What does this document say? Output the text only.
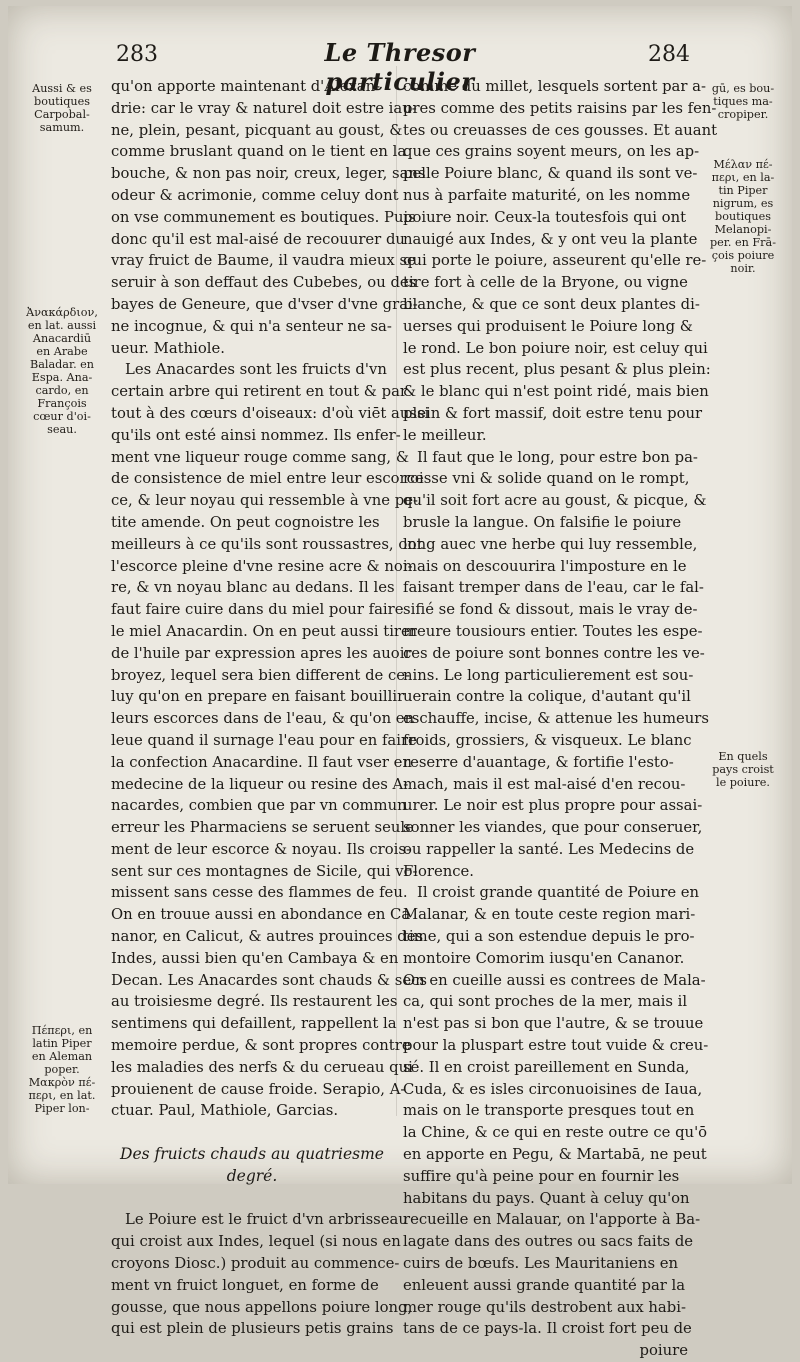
283	Le Thresor particulier
284
qu'on apporte maintenant d'Alexan-
drie: car le vray & naturel doit estre iau-
ne, plein, pesant, picquant au goust, &
comme bruslant quand on le tient en la
bouche, & non pas noir, creux, leger, sans
odeur & acrimonie, comme celuy dont
on vse communement es boutiques. Puis
donc qu'il est mal-aisé de recouurer du
vray fruict de Baume, il vaudra mieux se
seruir à son deffaut des Cubebes, ou des
bayes de Geneure, que d'vser d'vne grai-
ne incognue, & qui n'a senteur ne sa-
ueur. Mathiole.
Les Anacardes sont les fruicts d'vn
certain arbre qui retirent en tout & par
tout à des cœurs d'oiseaux: d'où viēt aussi
qu'ils ont esté ainsi nommez. Ils enfer-
ment vne liqueur rouge comme sang, &
de consistence de miel entre leur escorce
ce, & leur noyau qui ressemble à vne pe-
tite amende. On peut cognoistre les
meilleurs à ce qu'ils sont roussastres, ont
l'escorce pleine d'vne resine acre & noi-
re, & vn noyau blanc au dedans. Il les
faut faire cuire dans du miel pour faire
le miel Anacardin. On en peut aussi tirer
de l'huile par expression apres les auoir
broyez, lequel sera bien different de ce-
luy qu'on en prepare en faisant bouillir
leurs escorces dans de l'eau, & qu'on en
leue quand il surnage l'eau pour en faire
la confection Anacardine. Il faut vser en
medecine de la liqueur ou resine des A-
nacardes, combien que par vn commun
erreur les Pharmaciens se seruent seule
ment de leur escorce & noyau. Ils crois-
sent sur ces montagnes de Sicile, qui vo-
missent sans cesse des flammes de feu.
On en trouue aussi en abondance en Ca
nanor, en Calicut, & autres prouinces des
Indes, aussi bien qu'en Cambaya & en
Decan. Les Anacardes sont chauds & secs
au troisiesme degré. Ils restaurent les
sentimens qui defaillent, rappellent la
memoire perdue, & sont propres contre
les maladies des nerfs & du cerueau qui
prouienent de cause froide. Serapio, A-
ctuar. Paul, Mathiole, Garcias.
Des fruicts chauds au quatriesme
degré.
Le Poiure est le fruict d'vn arbrisseau
qui croist aux Indes, lequel (si nous en
croyons Diosc.) produit au commence-
ment vn fruict longuet, en forme de
gousse, que nous appellons poiure long,
qui est plein de plusieurs petis grains
comme du millet, lesquels sortent par a-
pres comme des petits raisins par les fen-
tes ou creuasses de ces gousses. Et auant
que ces grains soyent meurs, on les ap-
pelle Poiure blanc, & quand ils sont ve-
nus à parfaite maturité, on les nomme
poiure noir. Ceux-la toutesfois qui ont
nauigé aux Indes, & y ont veu la plante
qui porte le poiure, asseurent qu'elle re-
tire fort à celle de la Bryone, ou vigne
blanche, & que ce sont deux plantes di-
uerses qui produisent le Poiure long &
le rond. Le bon poiure noir, est celuy qui
est plus recent, plus pesant & plus plein:
& le blanc qui n'est point ridé, mais bien
plein & fort massif, doit estre tenu pour
le meilleur.
Il faut que le long, pour estre bon pa-
roisse vni & solide quand on le rompt,
qu'il soit fort acre au goust, & picque, &
brusle la langue. On falsifie le poiure
long auec vne herbe qui luy ressemble,
mais on descouurira l'imposture en le
faisant tremper dans de l'eau, car le fal-
sifié se fond & dissout, mais le vray de-
meure tousiours entier. Toutes les espe-
ces de poiure sont bonnes contre les ve-
nins. Le long particulierement est sou-
uerain contre la colique, d'autant qu'il
eschauffe, incise, & attenue les humeurs
froids, grossiers, & visqueux. Le blanc
reserre d'auantage, & fortifie l'esto-
mach, mais il est mal-aisé d'en recou-
urer. Le noir est plus propre pour assai-
sonner les viandes, que pour conseruer,
ou rappeller la santé. Les Medecins de
Florence.
Il croist grande quantité de Poiure en
Malanar, & en toute ceste region mari-
time, qui a son estendue depuis le pro-
montoire Comorim iusqu'en Cananor.
On en cueille aussi es contrees de Mala-
ca, qui sont proches de la mer, mais il
n'est pas si bon que l'autre, & se trouue
pour la pluspart estre tout vuide & creu-
sé. Il en croist pareillement en Sunda,
Cuda, & es isles circonuoisines de Iaua,
mais on le transporte presques tout en
la Chine, & ce qui en reste outre ce qu'ō
en apporte en Pegu, & Martabā, ne peut
suffire qu'à peine pour en fournir les
habitans du pays. Quant à celuy qu'on
recueille en Malauar, on l'apporte à Ba-
lagate dans des outres ou sacs faits de
cuirs de bœufs. Les Mauritaniens en
enleuent aussi grande quantité par la
mer rouge qu'ils destrobent aux habi-
tans de ce pays-la. Il croist fort peu de
poiure
Aussi & es
boutiques
Carpobal-
samum.
Ἀνακάρδιον,
en lat. aussi
Anacardiū
en Arabe
Baladar. en
Espa. Ana-
cardo, en
François
cœur d'oi-
seau.
Πέπερι, en
latin Piper
en Aleman
poper.
Μακρὸν πέ-
περι, en lat.
Piper lon-
gū, es bou-
tiques ma-
cropiper.
Μέλαν πέ-
περι, en la-
tin Piper
nigrum, es
boutiques
Melanopi-
per. en Frā-
çois poiure
noir.
En quels
pays croist
le poiure.
